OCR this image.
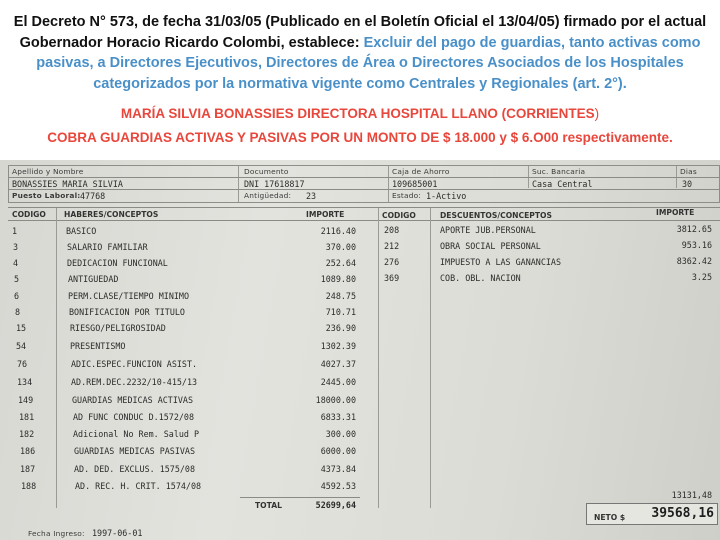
El Decreto N° 573, de fecha 31/03/05 (Publicado en el Boletín Oficial el 13/04/05) firmado por el actual Gobernador Horacio Ricardo Colombi, establece: Excluir del pago de guardias, tanto activas como pasivas, a Directores Ejecutivos, Directores de Área o Directores Asociados de los Hospitales categorizados por la normativa vigente como Centrales y Regionales (art. 2°).

MARÍA SILVIA BONASSIES DIRECTORA HOSPITAL LLANO (CORRIENTES)

COBRA GUARDIAS ACTIVAS Y PASIVAS POR UN MONTO DE $ 18.000 y $ 6.O00 respectivamente.

Apellido y Nombre	Documento	Caja de Ahorro	Suc. Bancaria	Dias
BONASSIES MARIA SILVIA	DNI 17618817	109685001	Casa Central	30
Puesto Laboral: 47768	Antigüedad: 23	Estado: 1-Activo
CODIGO HABERES/CONCEPTOS	IMPORTE	CODIGO	DESCUENTOS/CONCEPTOS	IMPORTE
1	BASICO	2116.40
3	SALARIO FAMILIAR	370.00
4	DEDICACION FUNCIONAL	252.64
5	ANTIGUEDAD	1089.80
6	PERM.CLASE/TIEMPO MINIMO	248.75
8	BONIFICACION POR TITULO	710.71
15	RIESGO/PELIGROSIDAD	236.90
54	PRESENTISMO	1302.39
76	ADIC.ESPEC.FUNCION ASIST.	4027.37
134	AD.REM.DEC.2232/10-415/13	2445.00
149	GUARDIAS MEDICAS ACTIVAS	18000.00
181	AD FUNC CONDUC D.1572/08	6833.31
182	Adicional No Rem. Salud P	300.00
186	GUARDIAS MEDICAS PASIVAS	6000.00
187	AD. DED. EXCLUS. 1575/08	4373.84
188	AD. REC. H. CRIT. 1574/08	4592.53
208	APORTE JUB.PERSONAL	3812.65
212	OBRA SOCIAL PERSONAL	953.16
276	IMPUESTO A LAS GANANCIAS	8362.42
369	COB. OBL. NACION	3.25
TOTAL	52699,64
13131,48
NETO $	39568,16
Fecha Ingreso: 1997-06-01
